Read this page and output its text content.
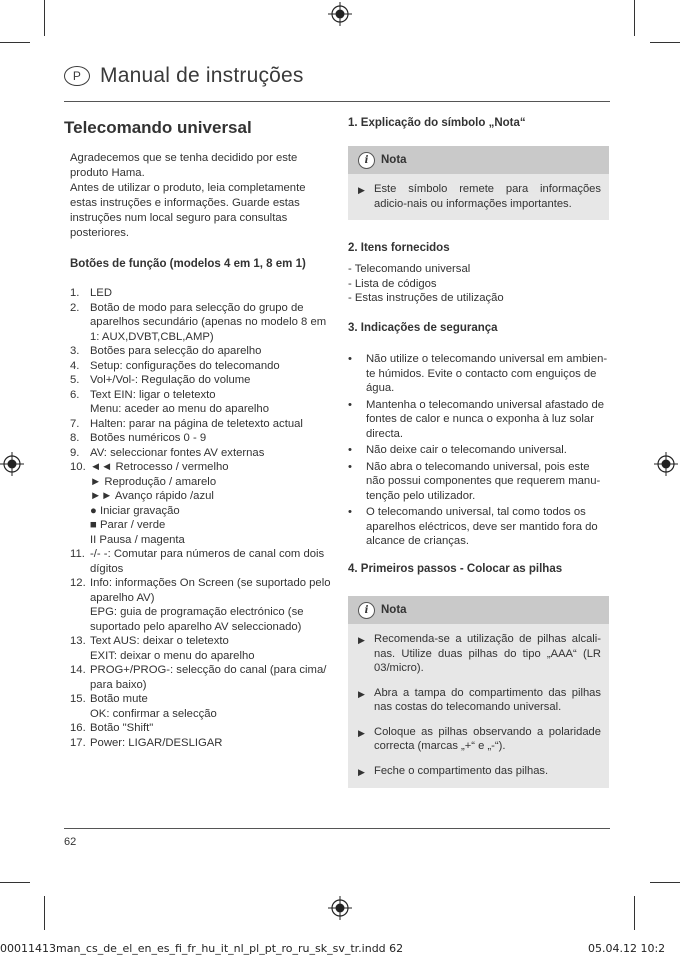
P Manual de instruções
Telecomando universal
Agradecemos que se tenha decidido por este
produto Hama.
Antes de utilizar o produto, leia completamente
estas instruções e informações. Guarde estas
instruções num local seguro para consultas
posteriores.
Botões de função (modelos 4 em 1, 8 em 1)
1. LED
2. Botão de modo para selecção do grupo de
aparelhos secundário (apenas no modelo 8 em
1: AUX,DVBT,CBL,AMP)
3. Botões para selecção do aparelho
4. Setup: configurações do telecomando
5. Vol+/Vol-: Regulação do volume
6. Text EIN: ligar o teletexto
Menu: aceder ao menu do aparelho
7. Halten: parar na página de teletexto actual
8. Botões numéricos 0 - 9
9. AV: seleccionar fontes AV externas
10. ◄◄ Retrocesso / vermelho
► Reprodução / amarelo
►► Avanço rápido /azul
● Iniciar gravação
■ Parar / verde
II Pausa / magenta
11. -/- -: Comutar para números de canal com dois
dígitos
12. Info: informações On Screen (se suportado pelo
aparelho AV)
EPG: guia de programação electrónico (se
suportado pelo aparelho AV seleccionado)
13. Text AUS: deixar o teletexto
EXIT: deixar o menu do aparelho
14. PROG+/PROG-: selecção do canal (para cima/
para baixo)
15. Botão mute
OK: confirmar a selecção
16. Botão "Shift"
17. Power: LIGAR/DESLIGAR
1. Explicação do símbolo „Nota“
i	Nota
▶ Este símbolo remete para informações adicio-nais ou informações importantes.
2. Itens fornecidos
- Telecomando universal
- Lista de códigos
- Estas instruções de utilização
3. Indicações de segurança
•	Não utilize o telecomando universal em ambien-te húmidos. Evite o contacto com enguiços de água.
•	Mantenha o telecomando universal afastado de fontes de calor e nunca o exponha à luz solar directa.
•	Não deixe cair o telecomando universal.
•	Não abra o telecomando universal, pois este não possui componentes que requerem manu-tenção pelo utilizador.
•	O telecomando universal, tal como todos os aparelhos eléctricos, deve ser mantido fora do alcance de crianças.
4. Primeiros passos - Colocar as pilhas
i	Nota
▶ Recomenda-se a utilização de pilhas alcali-nas. Utilize duas pilhas do tipo „AAA“ (LR 03/micro).
▶ Abra a tampa do compartimento das pilhas nas costas do telecomando universal.
▶ Coloque as pilhas observando a polaridade correcta (marcas „+“ e „-“).
▶ Feche o compartimento das pilhas.
62
00011413man_cs_de_el_en_es_fi_fr_hu_it_nl_pl_pt_ro_ru_sk_sv_tr.indd 62	05.04.12 10:2
